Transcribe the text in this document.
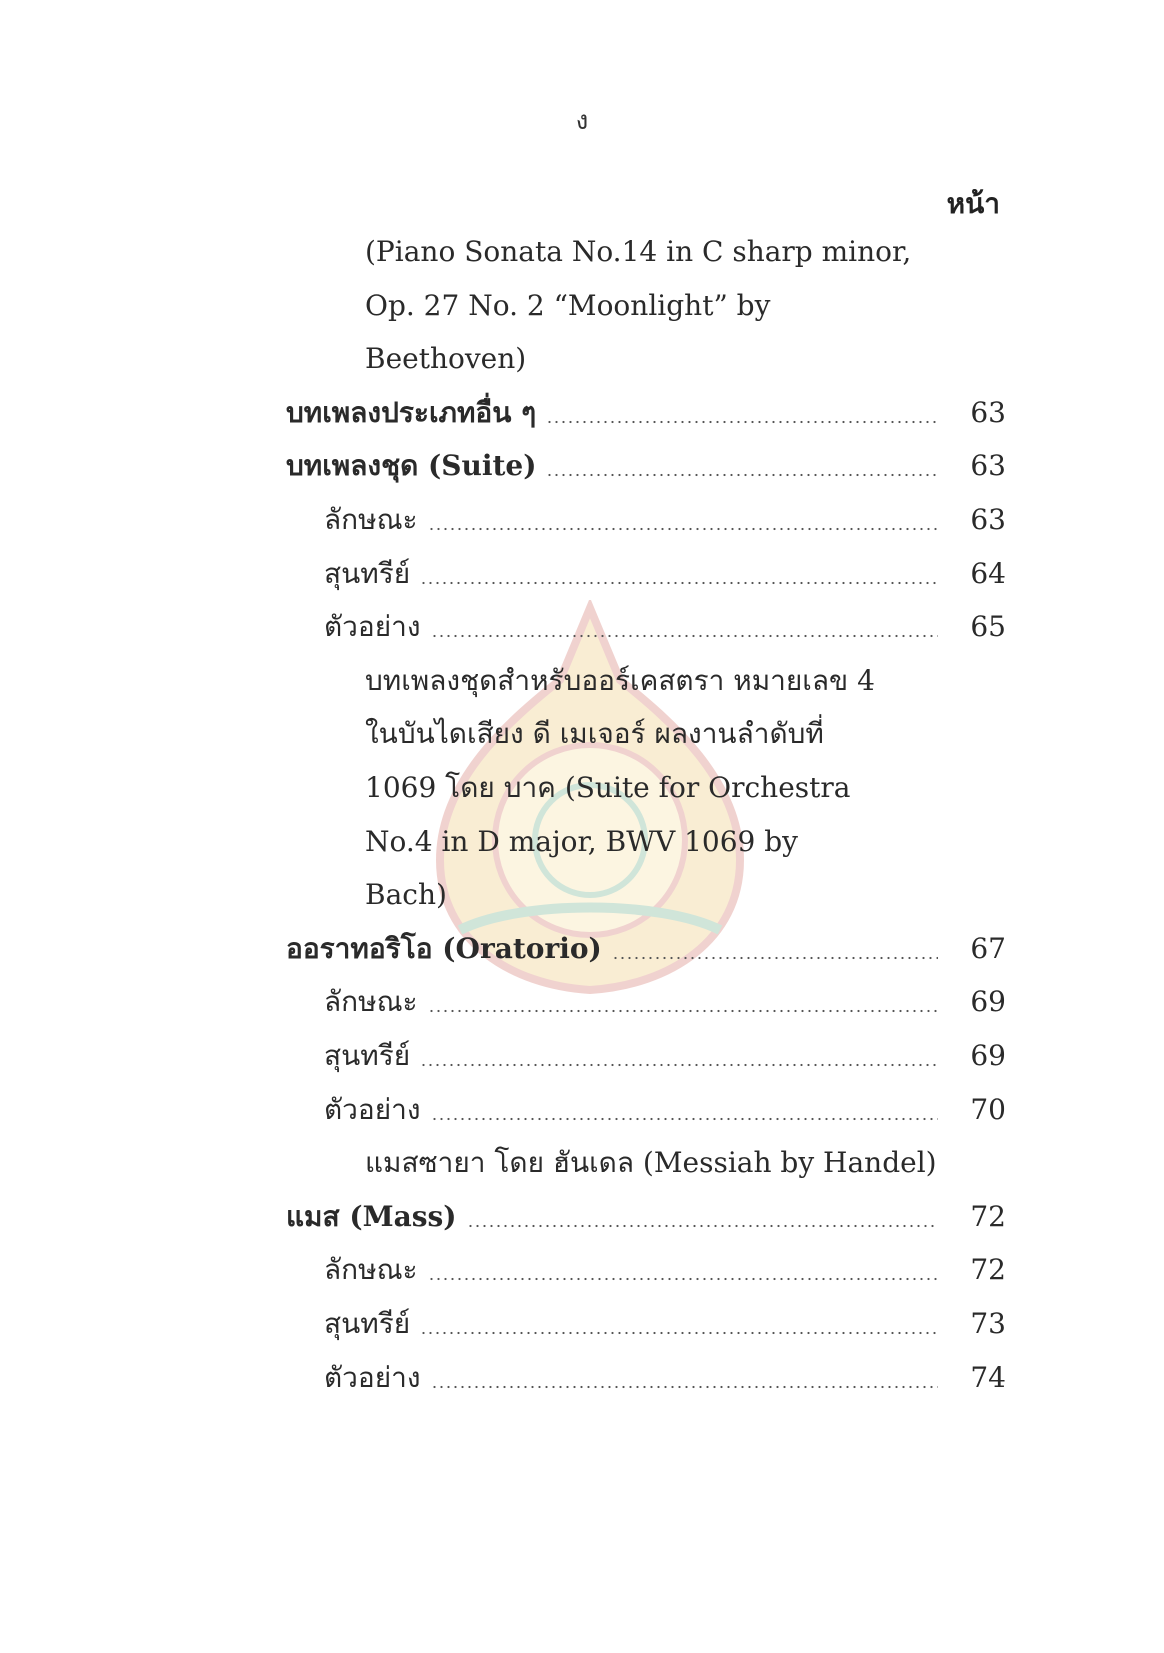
ง
หน้า
(Piano Sonata No.14 in C sharp minor,
Op. 27 No. 2 “Moonlight” by
Beethoven)
บทเพลงประเภทอื่น ๆ	63
บทเพลงชุด (Suite)	63
ลักษณะ	63
สุนทรีย์	64
ตัวอย่าง	65
บทเพลงชุดสำหรับออร์เคสตรา หมายเลข 4
ในบันไดเสียง ดี เมเจอร์ ผลงานลำดับที่
1069 โดย บาค (Suite for Orchestra
No.4 in D major, BWV 1069 by
Bach)
ออราทอริโอ (Oratorio)	67
ลักษณะ	69
สุนทรีย์	69
ตัวอย่าง	70
แมสซายา โดย ฮันเดล (Messiah by Handel)
แมส (Mass)	72
ลักษณะ	72
สุนทรีย์	73
ตัวอย่าง	74
